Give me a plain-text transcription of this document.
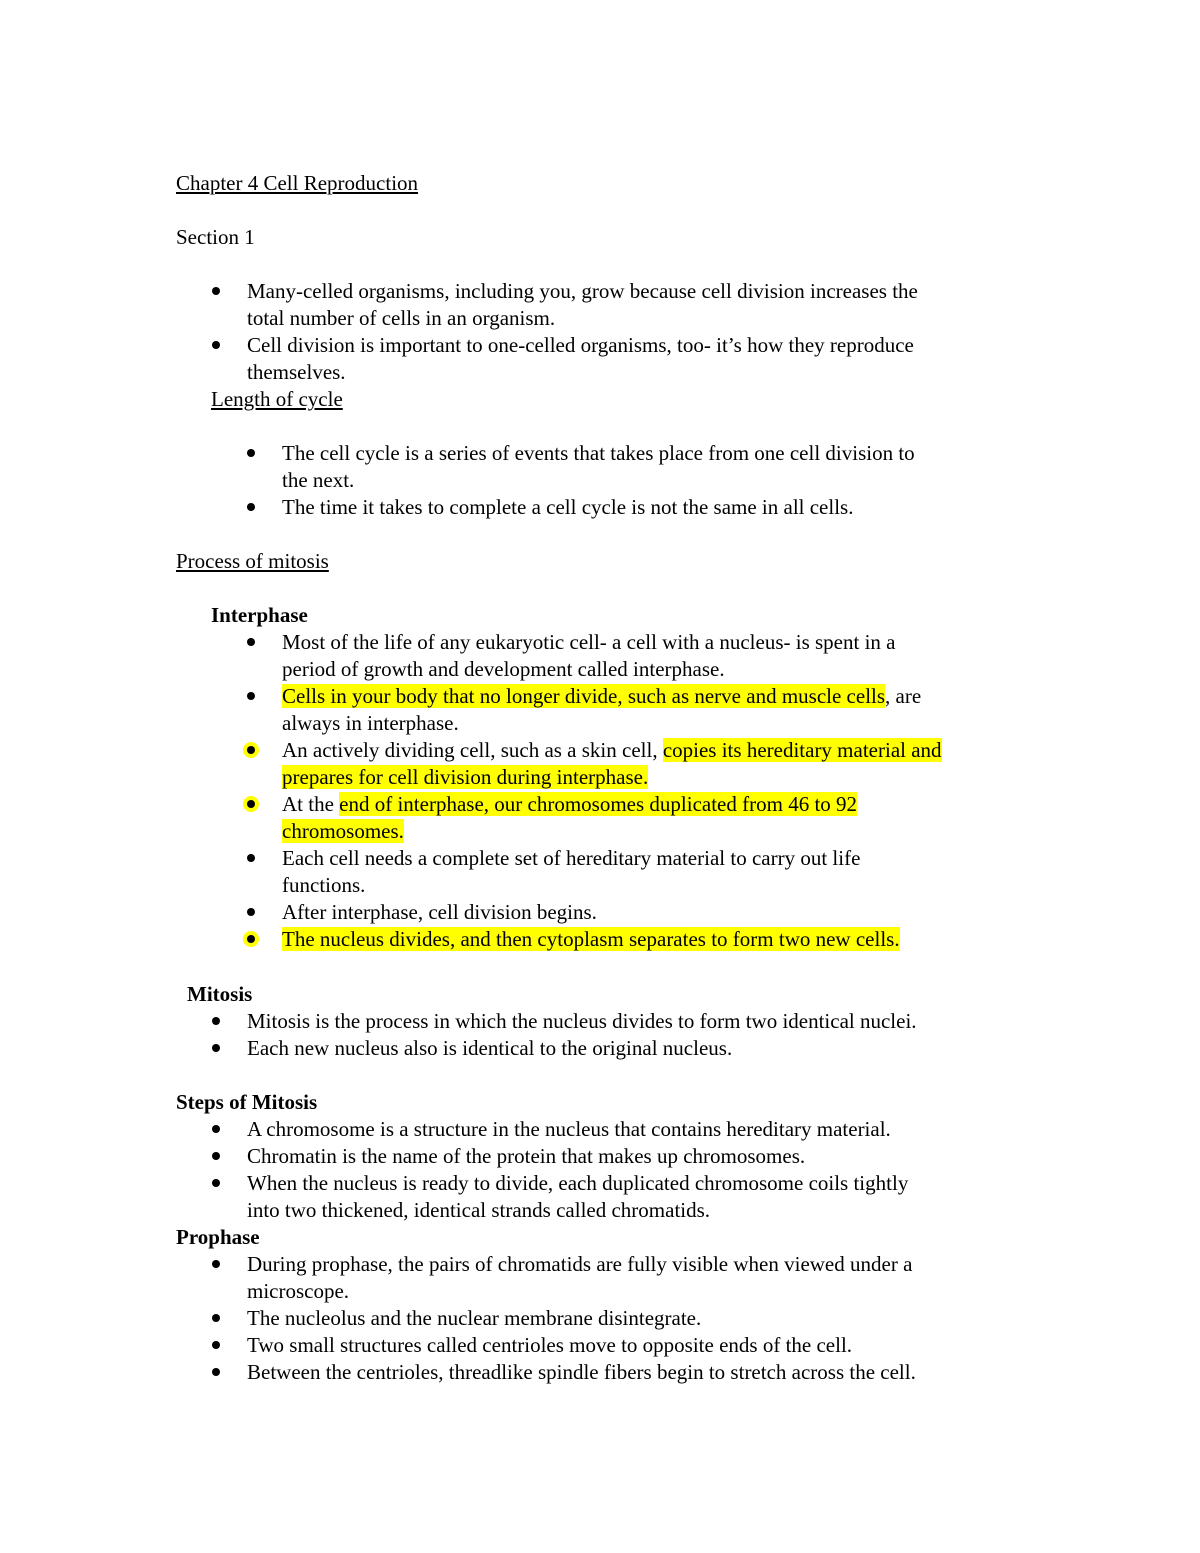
Chapter 4 Cell Reproduction
Section 1
Many-celled organisms, including you, grow because cell division increases the
total number of cells in an organism.
Cell division is important to one-celled organisms, too- it’s how they reproduce
themselves.
Length of cycle
The cell cycle is a series of events that takes place from one cell division to
the next.
The time it takes to complete a cell cycle is not the same in all cells.
Process of mitosis
Interphase
Most of the life of any eukaryotic cell- a cell with a nucleus- is spent in a
period of growth and development called interphase.
Cells in your body that no longer divide, such as nerve and muscle cells, are
always in interphase.
An actively dividing cell, such as a skin cell, copies its hereditary material and
prepares for cell division during interphase.
At the end of interphase, our chromosomes duplicated from 46 to 92
chromosomes.
Each cell needs a complete set of hereditary material to carry out life
functions.
After interphase, cell division begins.
The nucleus divides, and then cytoplasm separates to form two new cells.
Mitosis
Mitosis is the process in which the nucleus divides to form two identical nuclei.
Each new nucleus also is identical to the original nucleus.
Steps of Mitosis
A chromosome is a structure in the nucleus that contains hereditary material.
Chromatin is the name of the protein that makes up chromosomes.
When the nucleus is ready to divide, each duplicated chromosome coils tightly
into two thickened, identical strands called chromatids.
Prophase
During prophase, the pairs of chromatids are fully visible when viewed under a
microscope.
The nucleolus and the nuclear membrane disintegrate.
Two small structures called centrioles move to opposite ends of the cell.
Between the centrioles, threadlike spindle fibers begin to stretch across the cell.
